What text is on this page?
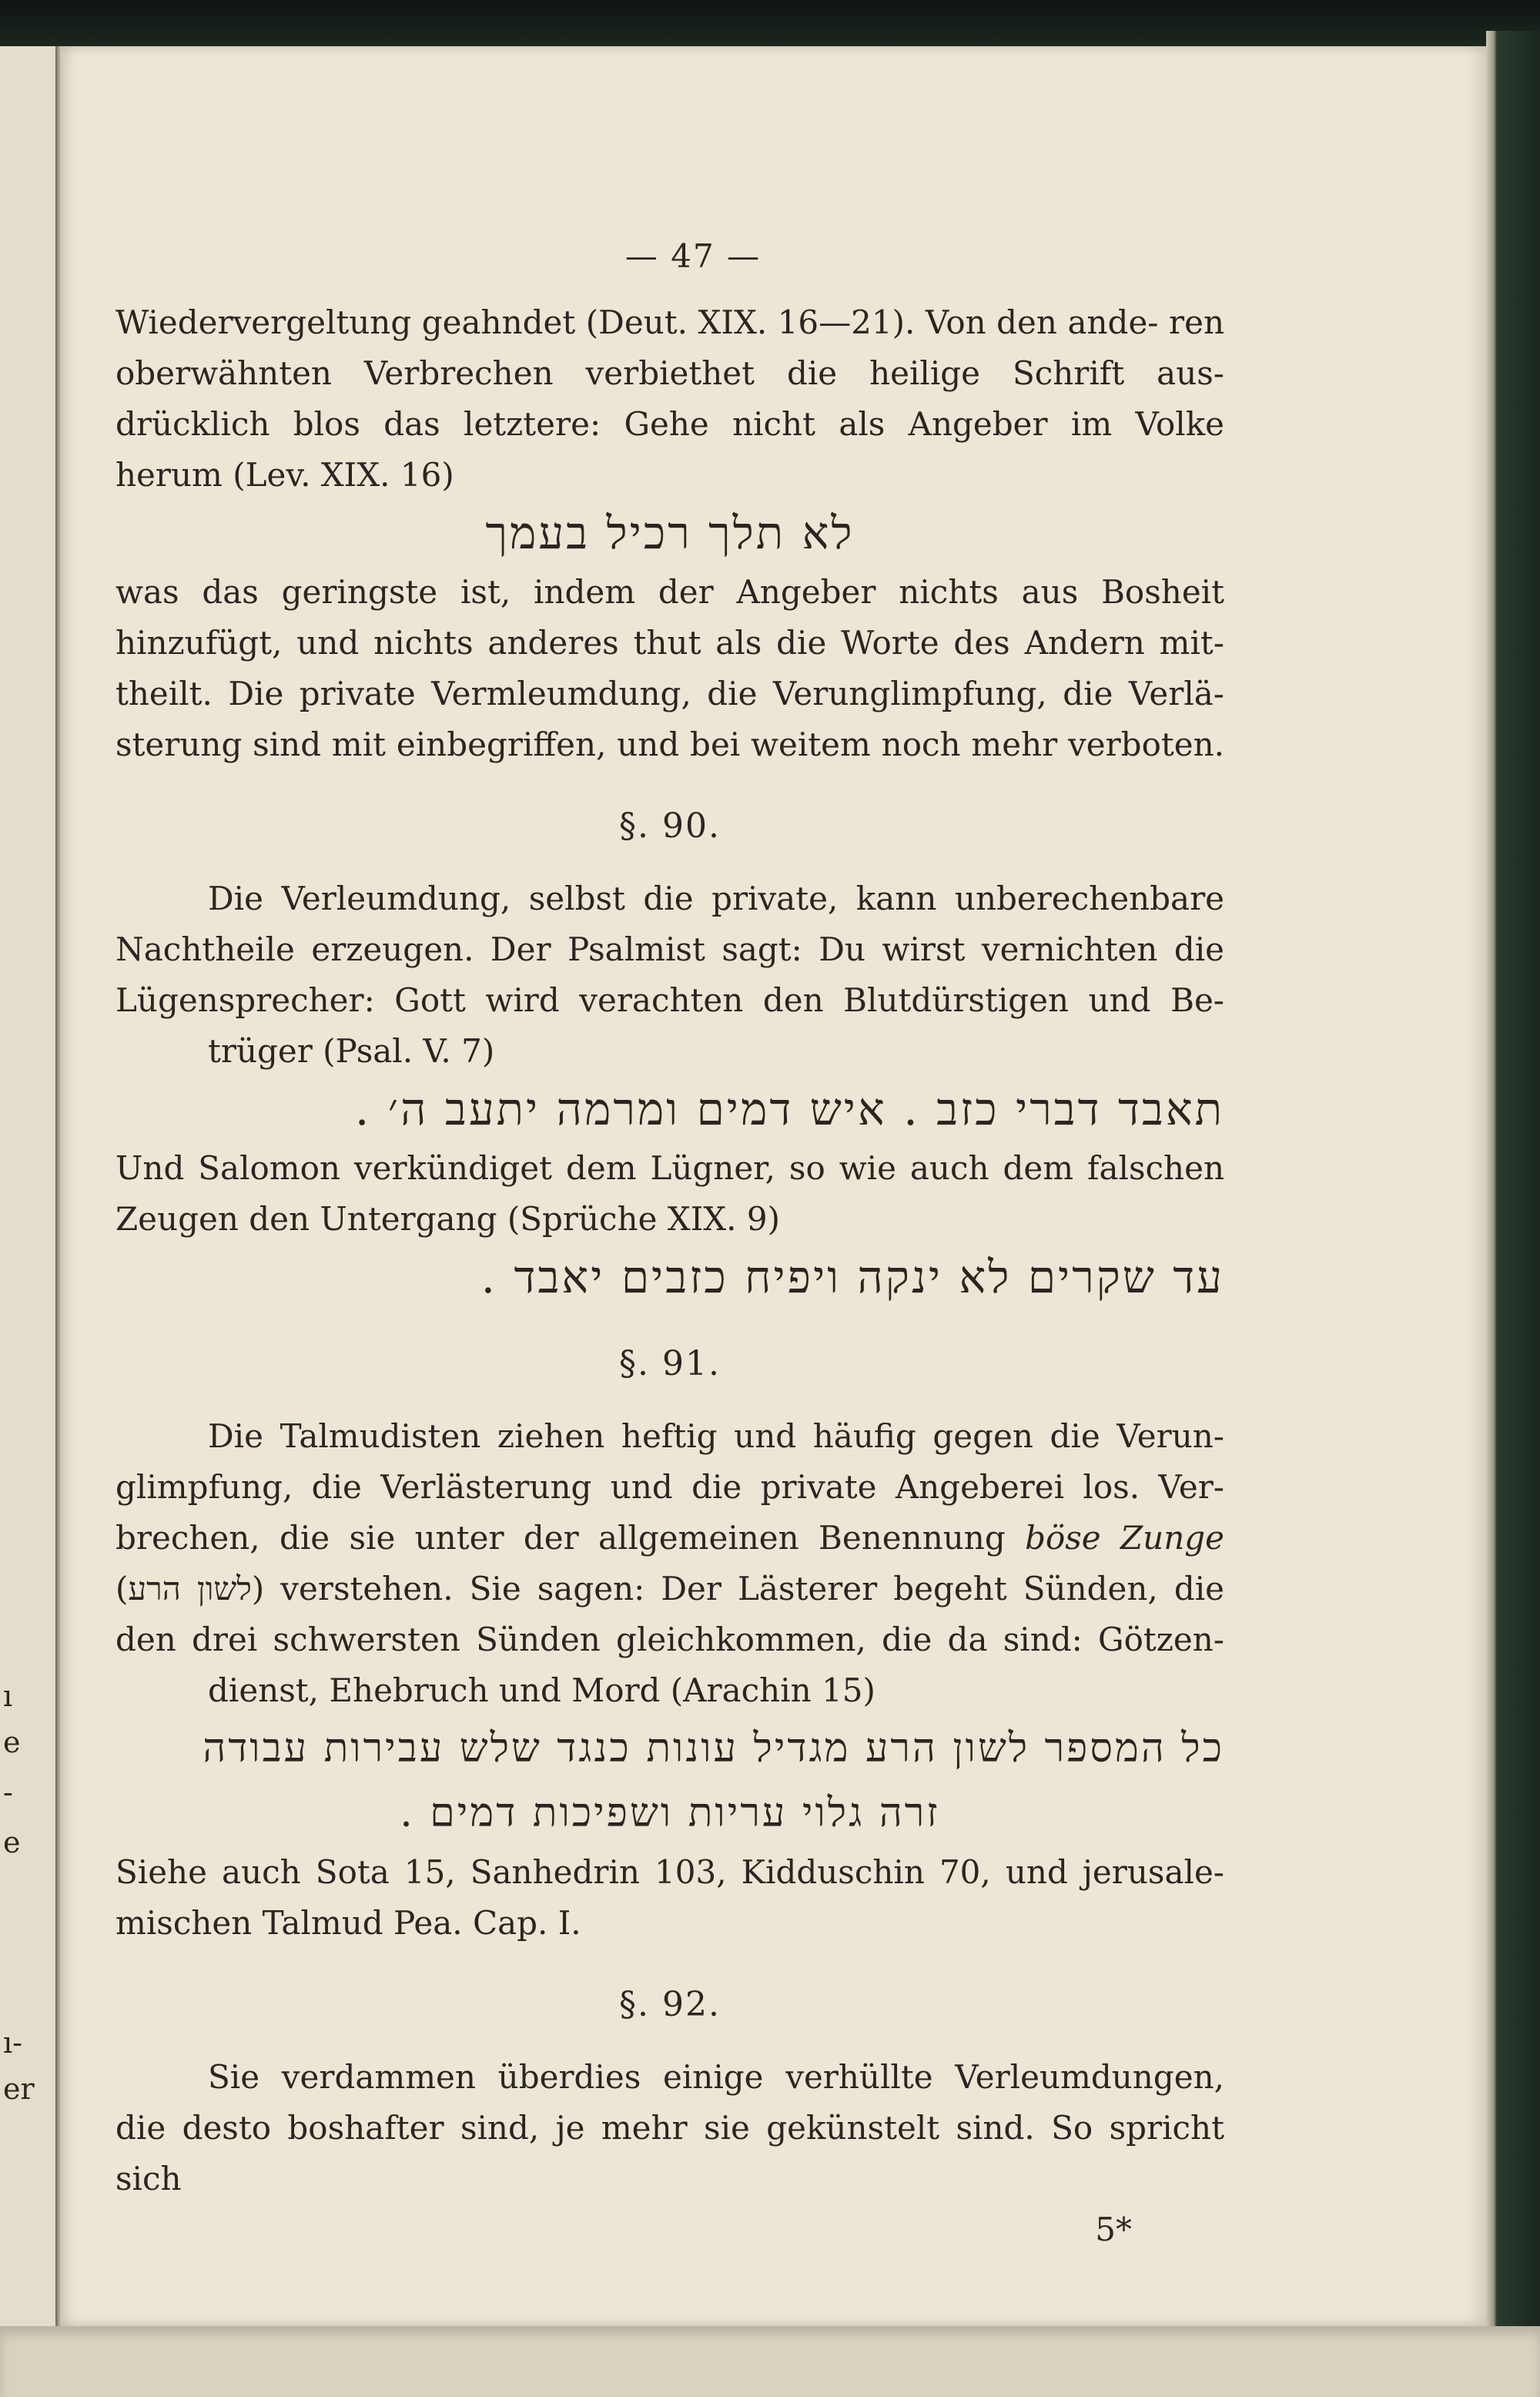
ı
e
-
e
ı-
er
— 47 —

Wiedervergeltung geahndet (Deut. XIX. 16—21). Von den ande- ren oberwähnten Verbrechen verbiethet die heilige Schrift aus- drücklich blos das letztere: Gehe nicht als Angeber im Volke
herum (Lev. XIX. 16)

לא תלך רכיל בעמך

was das geringste ist, indem der Angeber nichts aus Bosheit hinzufügt, und nichts anderes thut als die Worte des Andern mit- theilt. Die private Vermleumdung, die Verunglimpfung, die Verlä- sterung sind mit einbegriffen, und bei weitem noch mehr verboten.

§. 90.

Die Verleumdung, selbst die private, kann unberechenbare Nachtheile erzeugen. Der Psalmist sagt: Du wirst vernichten die Lügensprecher: Gott wird verachten den Blutdürstigen und Be-
trüger (Psal. V. 7)

תאבד דברי כזב . איש דמים ומרמה יתעב ה׳ .

Und Salomon verkündiget dem Lügner, so wie auch dem falschen
Zeugen den Untergang (Sprüche XIX. 9)

עד שקרים לא ינקה ויפיח כזבים יאבד .
§. 91.

Die Talmudisten ziehen heftig und häufig gegen die Verun- glimpfung, die Verlästerung und die private Angeberei los. Ver- brechen, die sie unter der allgemeinen Benennung böse Zunge (לשון הרע) verstehen. Sie sagen: Der Lästerer begeht Sünden, die den drei schwersten Sünden gleichkommen, die da sind: Götzen-
dienst, Ehebruch und Mord (Arachin 15)

כל המספר לשון הרע מגדיל עונות כנגד שלש עבירות עבודה
זרה גלוי עריות ושפיכות דמים .

Siehe auch Sota 15, Sanhedrin 103, Kidduschin 70, und jerusale-
mischen Talmud Pea. Cap. I.

§. 92.

Sie verdammen überdies einige verhüllte Verleumdungen, die desto boshafter sind, je mehr sie gekünstelt sind. So spricht sich

5*
